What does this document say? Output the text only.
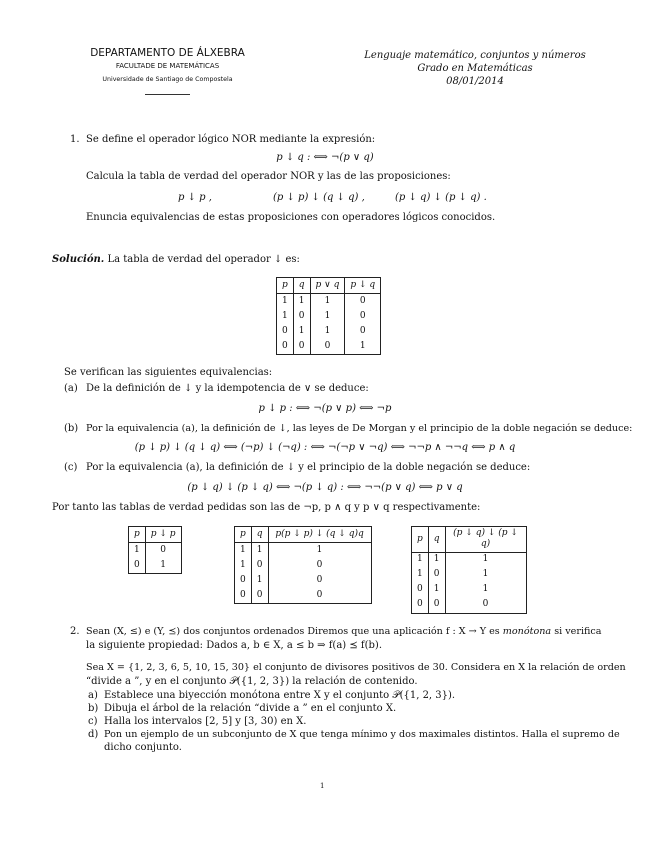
DEPARTAMENTO DE ÁLXEBRA
FACULTADE DE MATEMÁTICAS
Universidade de Santiago de Compostela
Lenguaje matemático, conjuntos y números
Grado en Matemáticas
08/01/2014
1. Se define el operador lógico NOR mediante la expresión:
p ↓ q : ⟺ ¬(p ∨ q)
Calcula la tabla de verdad del operador NOR y las de las proposiciones:
p ↓ p ,	(p ↓ p) ↓ (q ↓ q) ,	(p ↓ q) ↓ (p ↓ q) .
Enuncia equivalencias de estas proposiciones con operadores lógicos conocidos.
Solución. La tabla de verdad del operador ↓ es:
p	q	p ∨ q	p ↓ q
1	1	1	0
1	0	1	0
0	1	1	0
0	0	0	1
Se verifican las siguientes equivalencias:
(a) De la definición de ↓ y la idempotencia de ∨ se deduce:
p ↓ p : ⟺ ¬(p ∨ p) ⟺ ¬p
(b) Por la equivalencia (a), la definición de ↓, las leyes de De Morgan y el principio de la doble negación se deduce:
(p ↓ p) ↓ (q ↓ q) ⟺ (¬p) ↓ (¬q) : ⟺ ¬(¬p ∨ ¬q) ⟺ ¬¬p ∧ ¬¬q ⟺ p ∧ q
(c) Por la equivalencia (a), la definición de ↓ y el principio de la doble negación se deduce:
(p ↓ q) ↓ (p ↓ q) ⟺ ¬(p ↓ q) : ⟺ ¬¬(p ∨ q) ⟺ p ∨ q
Por tanto las tablas de verdad pedidas son las de ¬p, p ∧ q y p ∨ q respectivamente:
p	p ↓ p
1	0
0	1
p	q	p(p ↓ p) ↓ (q ↓ q)q
1	1	1
1	0	0
0	1	0
0	0	0
p	q	(p ↓ q) ↓ (p ↓ q)
1	1	1
1	0	1
0	1	1
0	0	0
2. Sean (X, ≤) e (Y, ⪯) dos conjuntos ordenados Diremos que una aplicación f : X → Y es monótona si verifica
la siguiente propiedad: Dados a, b ∈ X, a ≤ b ⇒ f(a) ⪯ f(b).
Sea X = {1, 2, 3, 6, 5, 10, 15, 30} el conjunto de divisores positivos de 30. Considera en X la relación de orden
“divide a ”, y en el conjunto 𝒫({1, 2, 3}) la relación de contenido.
a) Establece una biyección monótona entre X y el conjunto 𝒫({1, 2, 3}).
b) Dibuja el árbol de la relación “divide a ” en el conjunto X.
c) Halla los intervalos [2, 5] y [3, 30) en X.
d) Pon un ejemplo de un subconjunto de X que tenga mínimo y dos maximales distintos. Halla el supremo de
dicho conjunto.
1
